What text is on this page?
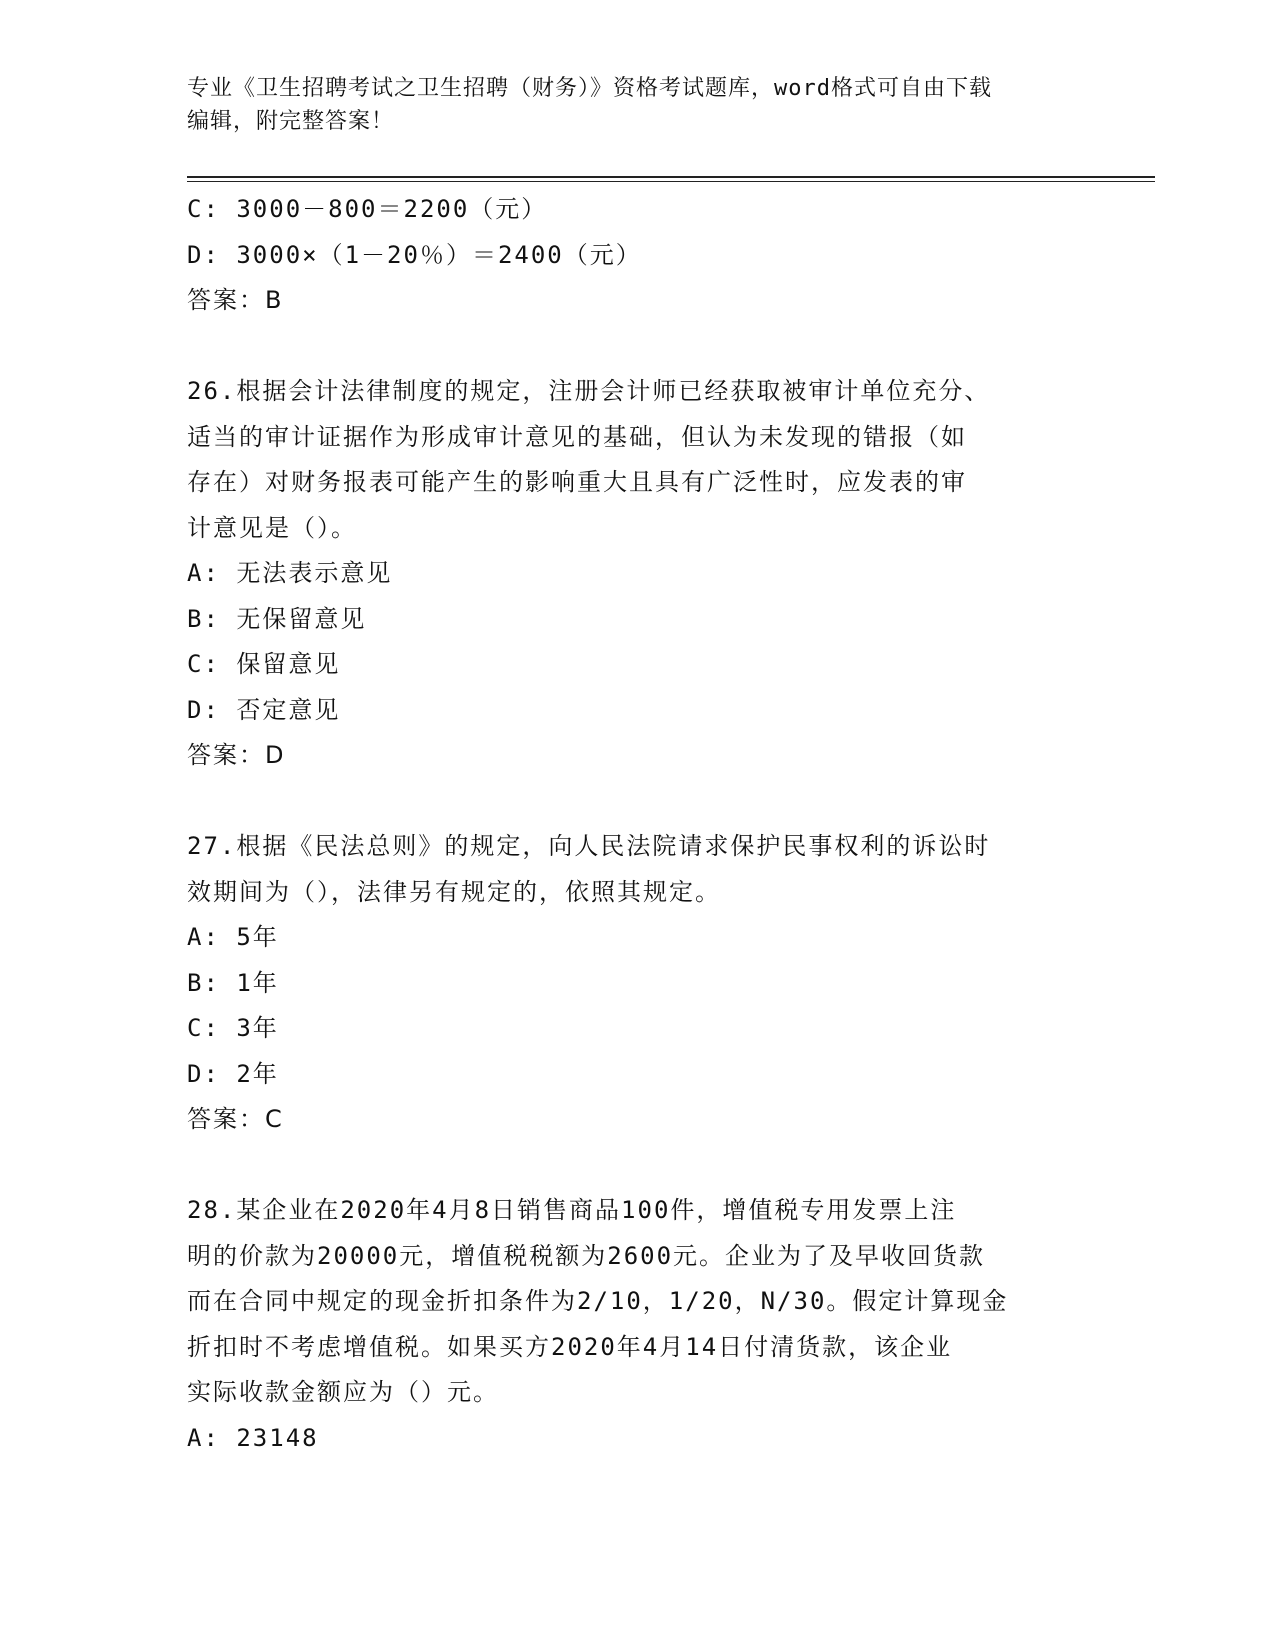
专业《卫生招聘考试之卫生招聘（财务）》资格考试题库，word格式可自由下载
编辑，附完整答案！
C: 3000－800＝2200（元）
D: 3000×（1－20％）＝2400（元）
答案：B
26.根据会计法律制度的规定，注册会计师已经获取被审计单位充分、
适当的审计证据作为形成审计意见的基础，但认为未发现的错报（如
存在）对财务报表可能产生的影响重大且具有广泛性时，应发表的审
计意见是（）。
A: 无法表示意见
B: 无保留意见
C: 保留意见
D: 否定意见
答案：D
27.根据《民法总则》的规定，向人民法院请求保护民事权利的诉讼时
效期间为（），法律另有规定的，依照其规定。
A: 5年
B: 1年
C: 3年
D: 2年
答案：C
28.某企业在2020年4月8日销售商品100件，增值税专用发票上注
明的价款为20000元，增值税税额为2600元。企业为了及早收回货款
而在合同中规定的现金折扣条件为2/10，1/20，N/30。假定计算现金
折扣时不考虑增值税。如果买方2020年4月14日付清货款，该企业
实际收款金额应为（）元。
A: 23148
